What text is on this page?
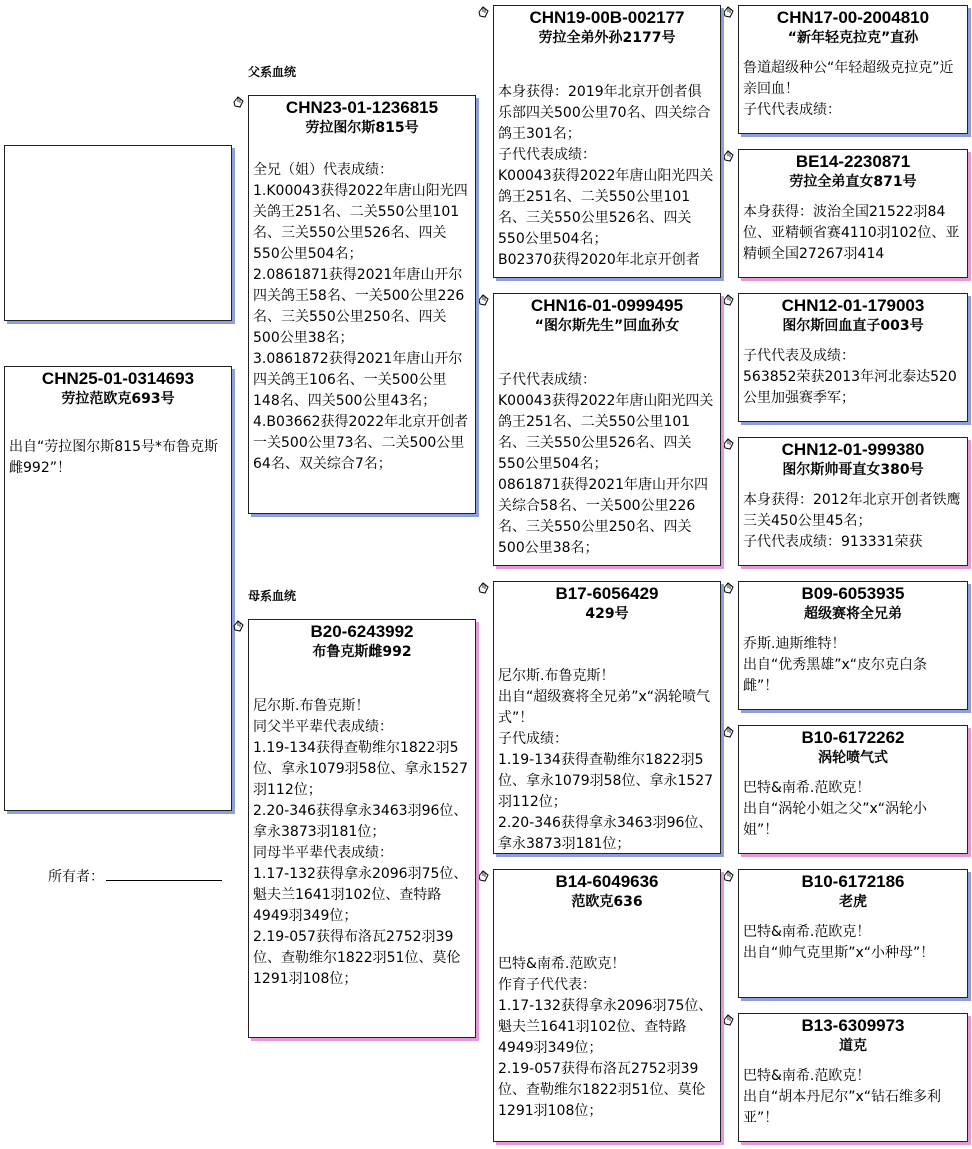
CHN25-01-0314693
劳拉范欧克693号
出自“劳拉图尔斯815号*布鲁克斯雌992”！
所有者：
父系血统
母系血统
CHN23-01-1236815
劳拉图尔斯815号
全兄（姐）代表成绩：
1.K00043获得2022年唐山阳光四关鸽王251名、二关550公里101名、三关550公里526名、四关550公里504名；
2.0861871获得2021年唐山开尔四关鸽王58名、一关500公里226名、三关550公里250名、四关500公里38名；
3.0861872获得2021年唐山开尔四关鸽王106名、一关500公里148名、四关500公里43名；
4.B03662获得2022年北京开创者一关500公里73名、二关500公里64名、双关综合7名；
B20-6243992
布鲁克斯雌992
尼尔斯.布鲁克斯！
同父半平辈代表成绩：
1.19-134获得查勒维尔1822羽5位、拿永1079羽58位、拿永1527羽112位；
2.20-346获得拿永3463羽96位、拿永3873羽181位；
同母半平辈代表成绩：
1.17-132获得拿永2096羽75位、魁夫兰1641羽102位、查特路4949羽349位；
2.19-057获得布洛瓦2752羽39位、查勒维尔1822羽51位、莫伦1291羽108位；
CHN19-00B-002177
劳拉全弟外孙2177号
本身获得：2019年北京开创者俱乐部四关500公里70名、四关综合鸽王301名；
子代代表成绩：
K00043获得2022年唐山阳光四关鸽王251名、二关550公里101名、三关550公里526名、四关550公里504名；
B02370获得2020年北京开创者
CHN16-01-0999495
“图尔斯先生”回血孙女
子代代表成绩：
K00043获得2022年唐山阳光四关鸽王251名、二关550公里101名、三关550公里526名、四关550公里504名；
0861871获得2021年唐山开尔四关综合58名、一关500公里226名、三关550公里250名、四关500公里38名；
B17-6056429
429号
尼尔斯.布鲁克斯！
出自“超级赛将全兄弟”x“涡轮喷气式”！
子代成绩：
1.19-134获得查勒维尔1822羽5位、拿永1079羽58位、拿永1527羽112位；
2.20-346获得拿永3463羽96位、拿永3873羽181位；
B14-6049636
范欧克636
巴特&南希.范欧克！
作育子代代表：
1.17-132获得拿永2096羽75位、魁夫兰1641羽102位、查特路4949羽349位；
2.19-057获得布洛瓦2752羽39位、查勒维尔1822羽51位、莫伦1291羽108位；
CHN17-00-2004810
“新年轻克拉克”直孙
鲁道超级种公“年轻超级克拉克”近亲回血！
子代代表成绩：
BE14-2230871
劳拉全弟直女871号
本身获得：波治全国21522羽84位、亚精顿省赛4110羽102位、亚精顿全国27267羽414
CHN12-01-179003
图尔斯回血直子003号
子代代表及成绩：
563852荣获2013年河北泰达520公里加强赛季军；
CHN12-01-999380
图尔斯帅哥直女380号
本身获得：2012年北京开创者铁鹰三关450公里45名；
子代代表成绩：913331荣获
B09-6053935
超级赛将全兄弟
乔斯.迪斯维特！
出自“优秀黑雄”x“皮尔克白条雌”！
B10-6172262
涡轮喷气式
巴特&南希.范欧克！
出自“涡轮小姐之父”x“涡轮小姐”！
B10-6172186
老虎
巴特&南希.范欧克！
出自“帅气克里斯”x“小种母”！
B13-6309973
道克
巴特&南希.范欧克！
出自“胡本丹尼尔”x“钻石维多利亚”！
